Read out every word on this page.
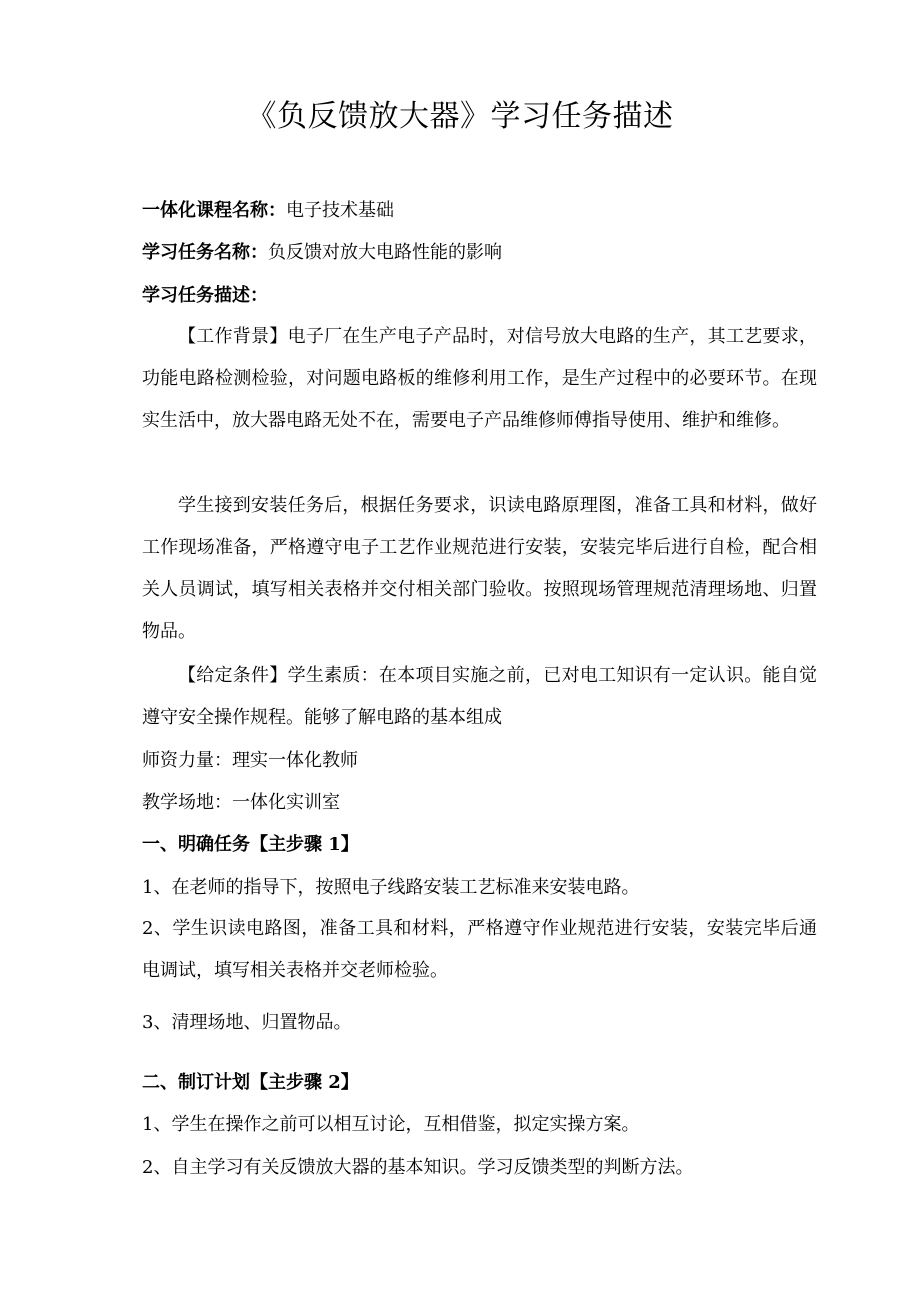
《负反馈放大器》学习任务描述
一体化课程名称：电子技术基础
学习任务名称：负反馈对放大电路性能的影响
学习任务描述：
【工作背景】电子厂在生产电子产品时，对信号放大电路的生产，其工艺要求，功能电路检测检验，对问题电路板的维修利用工作，是生产过程中的必要环节。在现实生活中，放大器电路无处不在，需要电子产品维修师傅指导使用、维护和维修。
学生接到安装任务后，根据任务要求，识读电路原理图，准备工具和材料，做好工作现场准备，严格遵守电子工艺作业规范进行安装，安装完毕后进行自检，配合相关人员调试，填写相关表格并交付相关部门验收。按照现场管理规范清理场地、归置物品。
【给定条件】学生素质：在本项目实施之前，已对电工知识有一定认识。能自觉遵守安全操作规程。能够了解电路的基本组成
师资力量：理实一体化教师
教学场地：一体化实训室
一、明确任务【主步骤 1】
1、在老师的指导下，按照电子线路安装工艺标准来安装电路。
2、学生识读电路图，准备工具和材料，严格遵守作业规范进行安装，安装完毕后通电调试，填写相关表格并交老师检验。
3、清理场地、归置物品。
二、制订计划【主步骤 2】
1、学生在操作之前可以相互讨论，互相借鉴，拟定实操方案。
2、自主学习有关反馈放大器的基本知识。学习反馈类型的判断方法。
